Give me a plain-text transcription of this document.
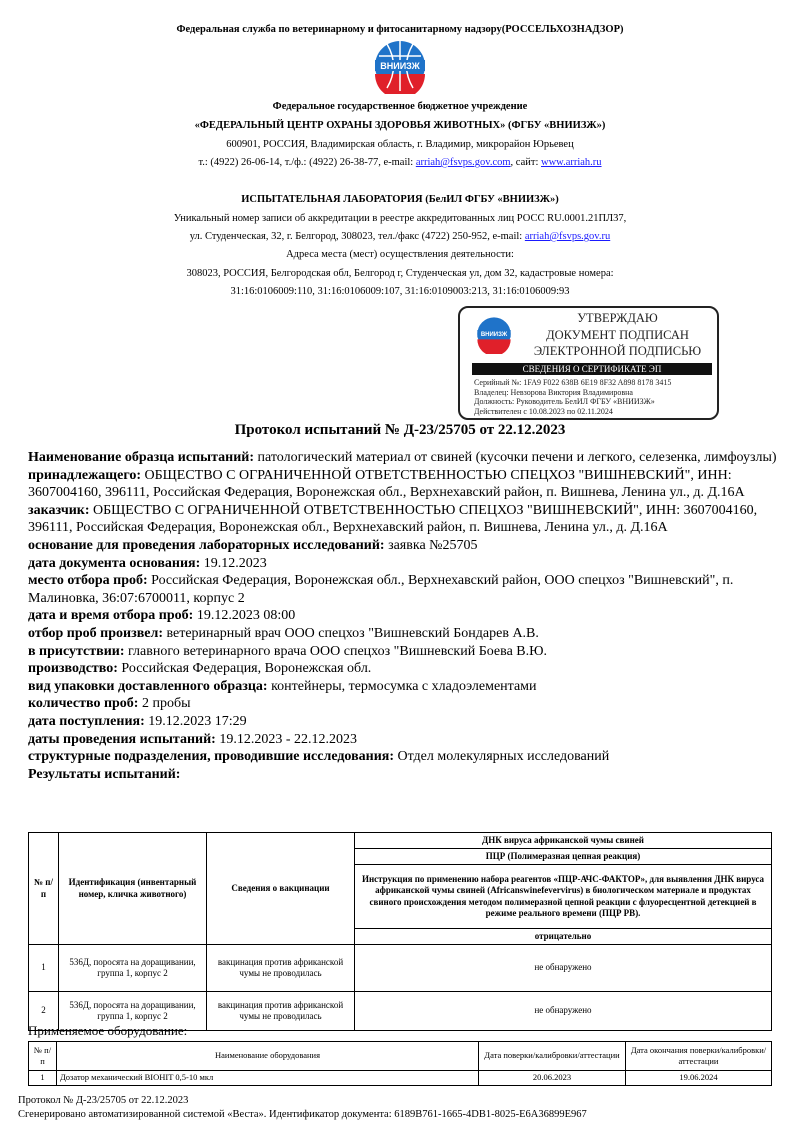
Федеральная служба по ветеринарному и фитосанитарному надзору(РОССЕЛЬХОЗНАДЗОР)
ВНИИЗЖ
Федеральное государственное бюджетное учреждение
«ФЕДЕРАЛЬНЫЙ ЦЕНТР ОХРАНЫ ЗДОРОВЬЯ ЖИВОТНЫХ» (ФГБУ «ВНИИЗЖ»)
600901, РОССИЯ, Владимирская область, г. Владимир, микрорайон Юрьевец
т.: (4922) 26-06-14, т./ф.: (4922) 26-38-77, e-mail: arriah@fsvps.gov.com, сайт: www.arriah.ru
ИСПЫТАТЕЛЬНАЯ ЛАБОРАТОРИЯ (БелИЛ ФГБУ «ВНИИЗЖ»)
Уникальный номер записи об аккредитации в реестре аккредитованных лиц РОСС RU.0001.21ПЛ37,
ул. Студенческая, 32, г. Белгород, 308023, тел./факс (4722) 250-952, e-mail: arriah@fsvps.gov.ru
Адреса места (мест) осуществления деятельности:
308023, РОССИЯ, Белгородская обл, Белгород г, Студенческая ул, дом 32, кадастровые номера:
31:16:0106009:110, 31:16:0106009:107, 31:16:0109003:213, 31:16:0106009:93
ВНИИЗЖ
УТВЕРЖДАЮ
ДОКУМЕНТ ПОДПИСАН
ЭЛЕКТРОННОЙ ПОДПИСЬЮ
СВЕДЕНИЯ О СЕРТИФИКАТЕ ЭП
Серийный №: 1FA9 F022 638B 6E19 8F32 A898 8178 3415
Владелец: Невзорова Виктория Владимировна
Должность: Руководитель БелИЛ ФГБУ «ВНИИЗЖ»
Действителен с 10.08.2023 по 02.11.2024
Протокол испытаний № Д-23/25705 от 22.12.2023

Наименование образца испытаний: патологический материал от свиней (кусочки печени и легкого, селезенка, лимфоузлы)

принадлежащего: ОБЩЕСТВО С ОГРАНИЧЕННОЙ ОТВЕТСТВЕННОСТЬЮ СПЕЦХОЗ "ВИШНЕВСКИЙ", ИНН: 3607004160, 396111, Российская Федерация, Воронежская обл., Верхнехавский район, п. Вишнева, Ленина ул., д. Д.16А

заказчик: ОБЩЕСТВО С ОГРАНИЧЕННОЙ ОТВЕТСТВЕННОСТЬЮ СПЕЦХОЗ "ВИШНЕВСКИЙ", ИНН: 3607004160, 396111, Российская Федерация, Воронежская обл., Верхнехавский район, п. Вишнева, Ленина ул., д. Д.16А

основание для проведения лабораторных исследований: заявка №25705

дата документа основания: 19.12.2023

место отбора проб: Российская Федерация, Воронежская обл., Верхнехавский район, ООО спецхоз "Вишневский", п. Малиновка, 36:07:6700011, корпус 2

дата и время отбора проб: 19.12.2023 08:00

отбор проб произвел: ветеринарный врач ООО спецхоз "Вишневский Бондарев А.В.

в присутствии: главного ветеринарного врача ООО спецхоз "Вишневский Боева В.Ю.

производство: Российская Федерация, Воронежская обл.

вид упаковки доставленного образца: контейнеры, термосумка с хладоэлементами

количество проб: 2 пробы

дата поступления: 19.12.2023 17:29

даты проведения испытаний: 19.12.2023 - 22.12.2023

структурные подразделения, проводившие исследования: Отдел молекулярных исследований

Результаты испытаний:

№ п/п	Идентификация (инвентарный номер, кличка животного)	Сведения о вакцинации	ДНК вируса африканской чумы свиней
			ПЦР (Полимеразная цепная реакция)
			Инструкция по применению набора реагентов «ПЦР-АЧС-ФАКТОР», для выявления ДНК вируса африканской чумы свиней (Africanswinefevervirus) в биологическом материале и продуктах свиного происхождения методом полимеразной цепной реакции с флуоресцентной детекцией в режиме реального времени (ПЦР РВ).
			отрицательно
1	536Д, поросята на доращивании, группа 1, корпус 2	вакцинация против африканской чумы не проводилась	не обнаружено
2	536Д, поросята на доращивании, группа 1, корпус 2	вакцинация против африканской чумы не проводилась	не обнаружено
Применяемое оборудование:
№ п/п	Наименование оборудования	Дата поверки/калибровки/аттестации	Дата окончания поверки/калибровки/аттестации
1	Дозатор механический BIOHIT 0,5-10 мкл	20.06.2023	19.06.2024
Протокол № Д-23/25705 от 22.12.2023
Сгенерировано автоматизированной системой «Веста». Идентификатор документа: 6189B761-1665-4DB1-8025-E6A36899E967
